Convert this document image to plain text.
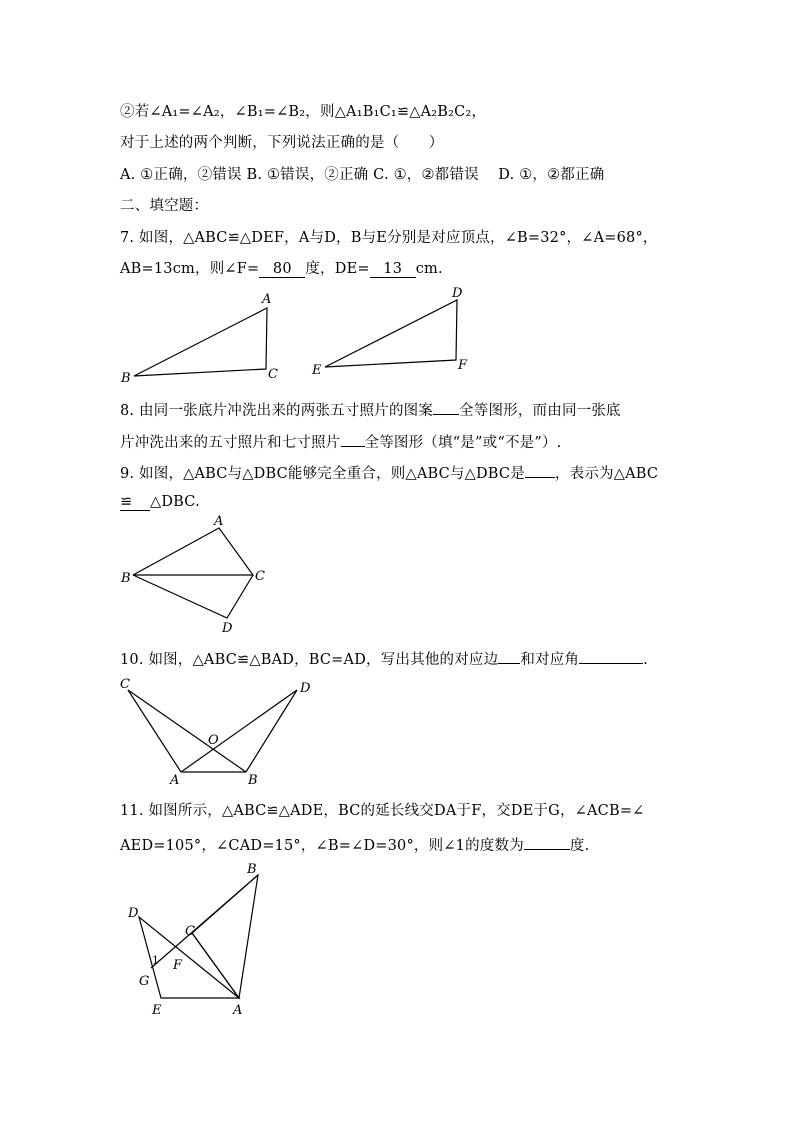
②若∠A₁=∠A₂，∠B₁=∠B₂，则△A₁B₁C₁≌△A₂B₂C₂，
对于上述的两个判断，下列说法正确的是（　　）
A. ①正确，②错误 B. ①错误，②正确 C. ①，②都错误　 D. ①，②都正确
二、填空题：
7. 如图，△ABC≌△DEF，A与D，B与E分别是对应顶点，∠B=32°，∠A=68°，
AB=13cm，则∠F= 80 度，DE= 13 cm.
A
B	C
D
E	F
A
B	C
D
C	D
O
A	B
B
D
C
1 F
G
E	A
8. 由同一张底片冲洗出来的两张五寸照片的图案 全等图形，而由同一张底
片冲洗出来的五寸照片和七寸照片 全等图形（填“是”或“不是”）.
9. 如图，△ABC与△DBC能够完全重合，则△ABC与△DBC是 ，表示为△ABC
≌ △DBC.
10. 如图，△ABC≌△BAD，BC=AD，写出其他的对应边 和对应角	.
11. 如图所示，△ABC≌△ADE，BC的延长线交DA于F，交DE于G，∠ACB=∠
AED=105°，∠CAD=15°，∠B=∠D=30°，则∠1的度数为	度.
